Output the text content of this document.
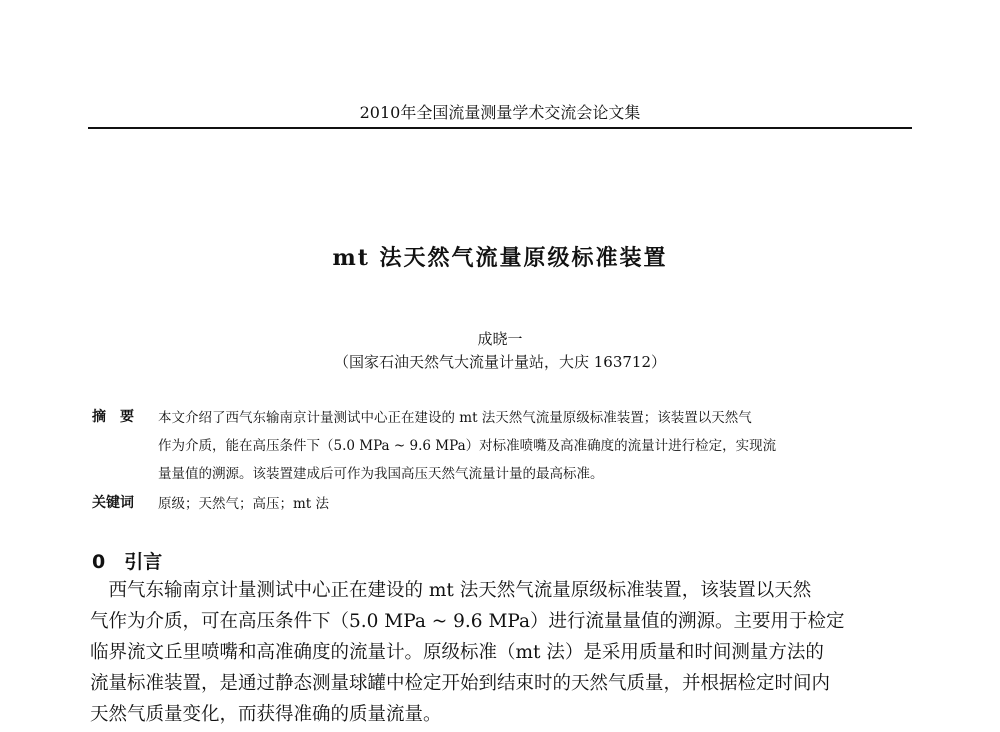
2010年全国流量测量学术交流会论文集
mt 法天然气流量原级标准装置
成晓一
（国家石油天然气大流量计量站，大庆 163712）
摘　要 本文介绍了西气东输南京计量测试中心正在建设的 mt 法天然气流量原级标准装置；该装置以天然气
作为介质，能在高压条件下（5.0 MPa ~ 9.6 MPa）对标准喷嘴及高准确度的流量计进行检定，实现流
量量值的溯源。该装置建成后可作为我国高压天然气流量计量的最高标准。
关键词 原级；天然气；高压；mt 法
0　引言
　西气东输南京计量测试中心正在建设的 mt 法天然气流量原级标准装置，该装置以天然
气作为介质，可在高压条件下（5.0 MPa ~ 9.6 MPa）进行流量量值的溯源。主要用于检定
临界流文丘里喷嘴和高准确度的流量计。原级标准（mt 法）是采用质量和时间测量方法的
流量标准装置，是通过静态测量球罐中检定开始到结束时的天然气质量，并根据检定时间内
天然气质量变化，而获得准确的质量流量。
